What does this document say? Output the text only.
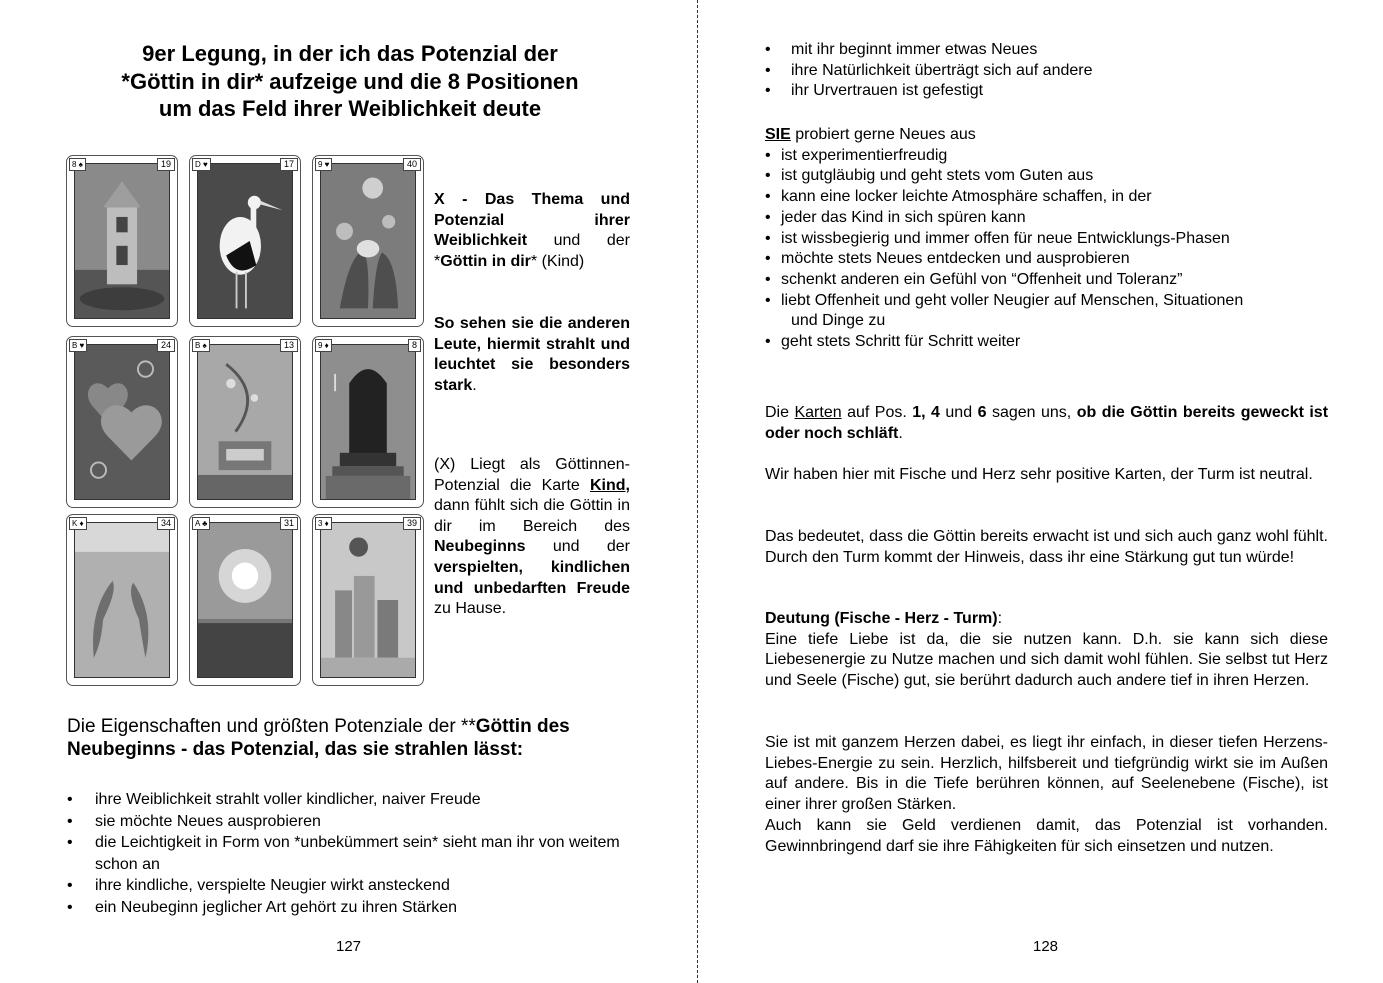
9er Legung, in der ich das Potenzial der
*Göttin in dir* aufzeige und die 8 Positionen
um das Feld ihrer Weiblichkeit deute
8 ♠	19	D ♥	17	9 ♥	40
B ♥	24	B ♠	13	9 ♦	8
K ♦	34	A ♣	31	3 ♦	39
X - Das Thema und Potenzial ihrer Weiblichkeit und der *Göttin in dir* (Kind)
So sehen sie die anderen Leute, hiermit strahlt und leuchtet sie besonders stark.
(X) Liegt als Göttinnen-Potenzial die Karte Kind, dann fühlt sich die Göttin in dir im Bereich des Neubeginns und der verspielten, kindlichen und unbedarften Freude zu Hause.
Die Eigenschaften und größten Potenziale der **Göttin des Neubeginns - das Potenzial, das sie strahlen lässt:
• ihre Weiblichkeit strahlt voller kindlicher, naiver Freude
• sie möchte Neues ausprobieren
• die Leichtigkeit in Form von *unbekümmert sein* sieht man ihr von weitem schon an
• ihre kindliche, verspielte Neugier wirkt ansteckend
• ein Neubeginn jeglicher Art gehört zu ihren Stärken
127
• mit ihr beginnt immer etwas Neues
• ihre Natürlichkeit überträgt sich auf andere
• ihr Urvertrauen ist gefestigt
SIE probiert gerne Neues aus
• ist experimentierfreudig
• ist gutgläubig und geht stets vom Guten aus
• kann eine locker leichte Atmosphäre schaffen, in der
• jeder das Kind in sich spüren kann
• ist wissbegierig und immer offen für neue Entwicklungs-Phasen
• möchte stets Neues entdecken und ausprobieren
• schenkt anderen ein Gefühl von “Offenheit und Toleranz”
• liebt Offenheit und geht voller Neugier auf Menschen, Situationen
und Dinge zu
• geht stets Schritt für Schritt weiter
Die Karten auf Pos. 1, 4 und 6 sagen uns, ob die Göttin bereits geweckt ist oder noch schläft.
Wir haben hier mit Fische und Herz sehr positive Karten, der Turm ist neutral.
Das bedeutet, dass die Göttin bereits erwacht ist und sich auch ganz wohl fühlt. Durch den Turm kommt der Hinweis, dass ihr eine Stärkung gut tun würde!
Deutung (Fische - Herz - Turm):
Eine tiefe Liebe ist da, die sie nutzen kann. D.h. sie kann sich diese Liebesenergie zu Nutze machen und sich damit wohl fühlen. Sie selbst tut Herz und Seele (Fische) gut, sie berührt dadurch auch andere tief in ihren Herzen.
Sie ist mit ganzem Herzen dabei, es liegt ihr einfach, in dieser tiefen Herzens-Liebes-Energie zu sein. Herzlich, hilfsbereit und tiefgründig wirkt sie im Außen auf andere. Bis in die Tiefe berühren können, auf Seelenebene (Fische), ist einer ihrer großen Stärken.
Auch kann sie Geld verdienen damit, das Potenzial ist vorhanden. Gewinnbringend darf sie ihre Fähigkeiten für sich einsetzen und nutzen.
128
